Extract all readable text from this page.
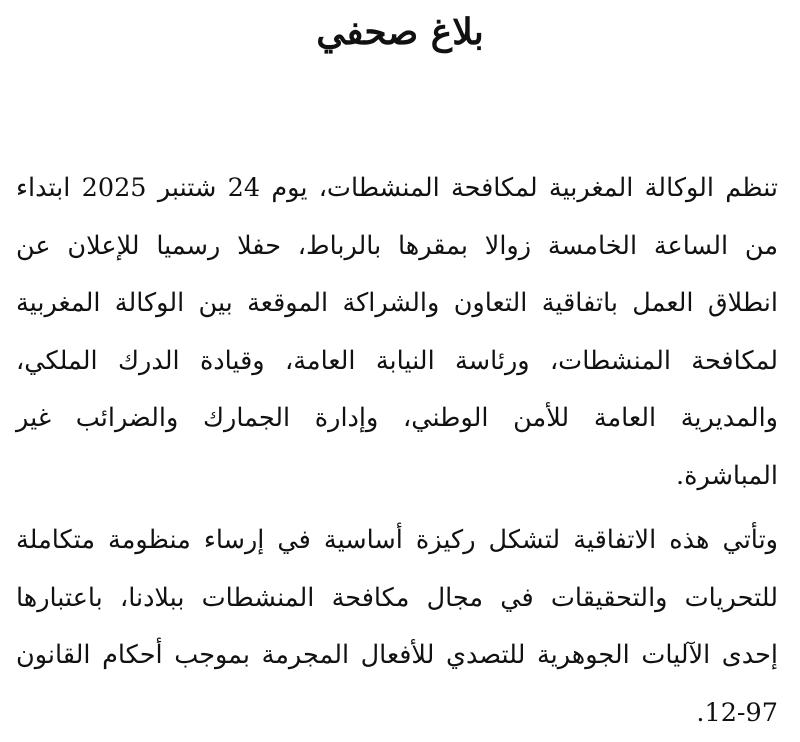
بلاغ صحفي

تنظم الوكالة المغربية لمكافحة المنشطات، يوم 24 شتنبر 2025 ابتداء من الساعة الخامسة زوالا بمقرها بالرباط، حفلا رسميا للإعلان عن انطلاق العمل باتفاقية التعاون والشراكة الموقعة بين الوكالة المغربية لمكافحة المنشطات، ورئاسة النيابة العامة، وقيادة الدرك الملكي، والمديرية العامة للأمن الوطني، وإدارة الجمارك والضرائب غير المباشرة.

وتأتي هذه الاتفاقية لتشكل ركيزة أساسية في إرساء منظومة متكاملة للتحريات والتحقيقات في مجال مكافحة المنشطات ببلادنا، باعتبارها إحدى الآليات الجوهرية للتصدي للأفعال المجرمة بموجب أحكام القانون 97-12.
